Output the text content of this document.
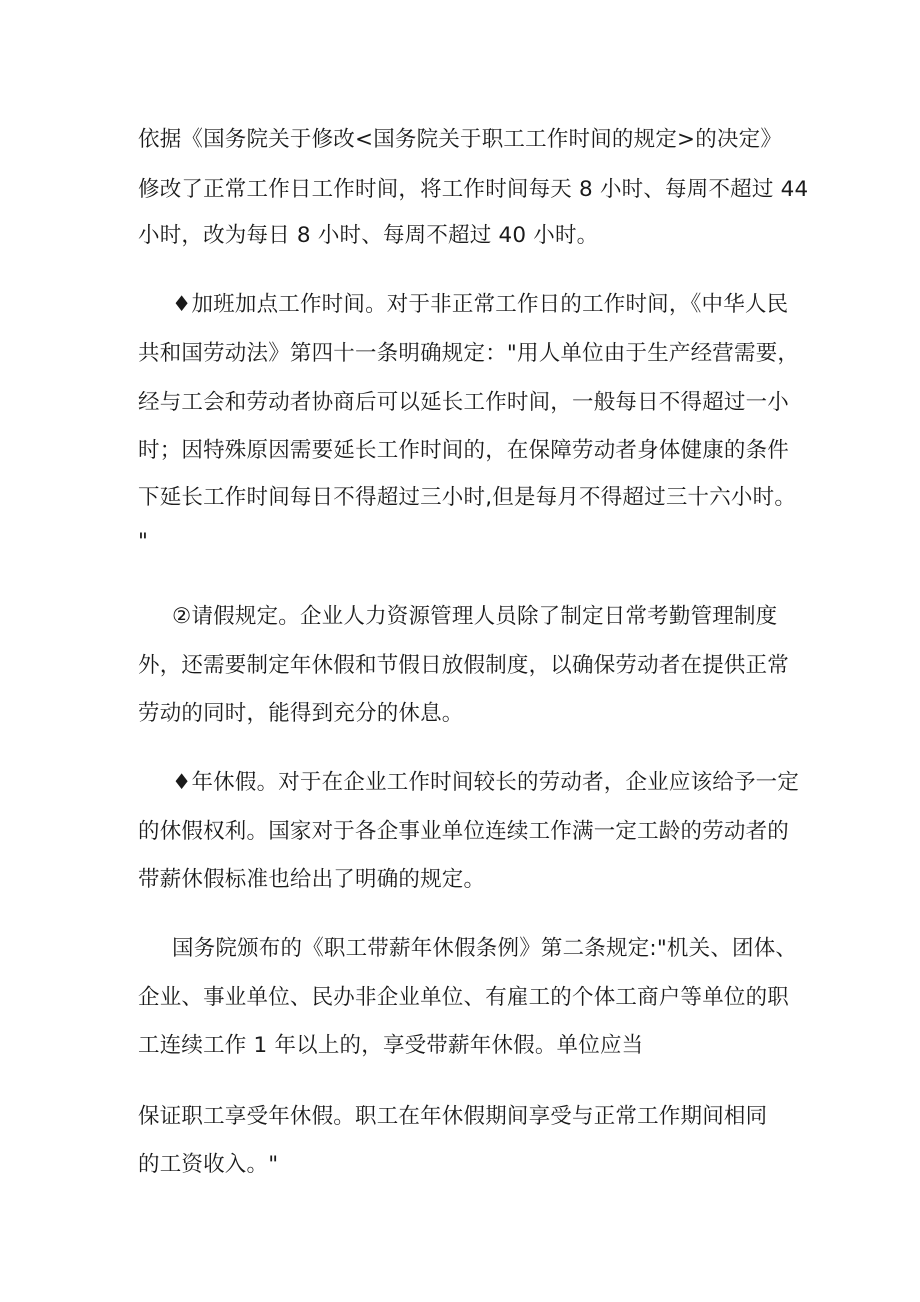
依据《国务院关于修改<国务院关于职工工作时间的规定>的决定》
修改了正常工作日工作时间，将工作时间每天 8 小时、每周不超过 44
小时，改为每日 8 小时、每周不超过 40 小时。
♦加班加点工作时间。对于非正常工作日的工作时间，《中华人民
共和国劳动法》第四十一条明确规定："用人单位由于生产经营需要，
经与工会和劳动者协商后可以延长工作时间，一般每日不得超过一小
时；因特殊原因需要延长工作时间的，在保障劳动者身体健康的条件
下延长工作时间每日不得超过三小时,但是每月不得超过三十六小时。
"
②请假规定。企业人力资源管理人员除了制定日常考勤管理制度
外，还需要制定年休假和节假日放假制度，以确保劳动者在提供正常
劳动的同时，能得到充分的休息。
♦年休假。对于在企业工作时间较长的劳动者，企业应该给予一定
的休假权利。国家对于各企事业单位连续工作满一定工龄的劳动者的
带薪休假标准也给出了明确的规定。
国务院颁布的《职工带薪年休假条例》第二条规定:"机关、团体、
企业、事业单位、民办非企业单位、有雇工的个体工商户等单位的职
工连续工作 1 年以上的，享受带薪年休假。单位应当
保证职工享受年休假。职工在年休假期间享受与正常工作期间相同
的工资收入。"
